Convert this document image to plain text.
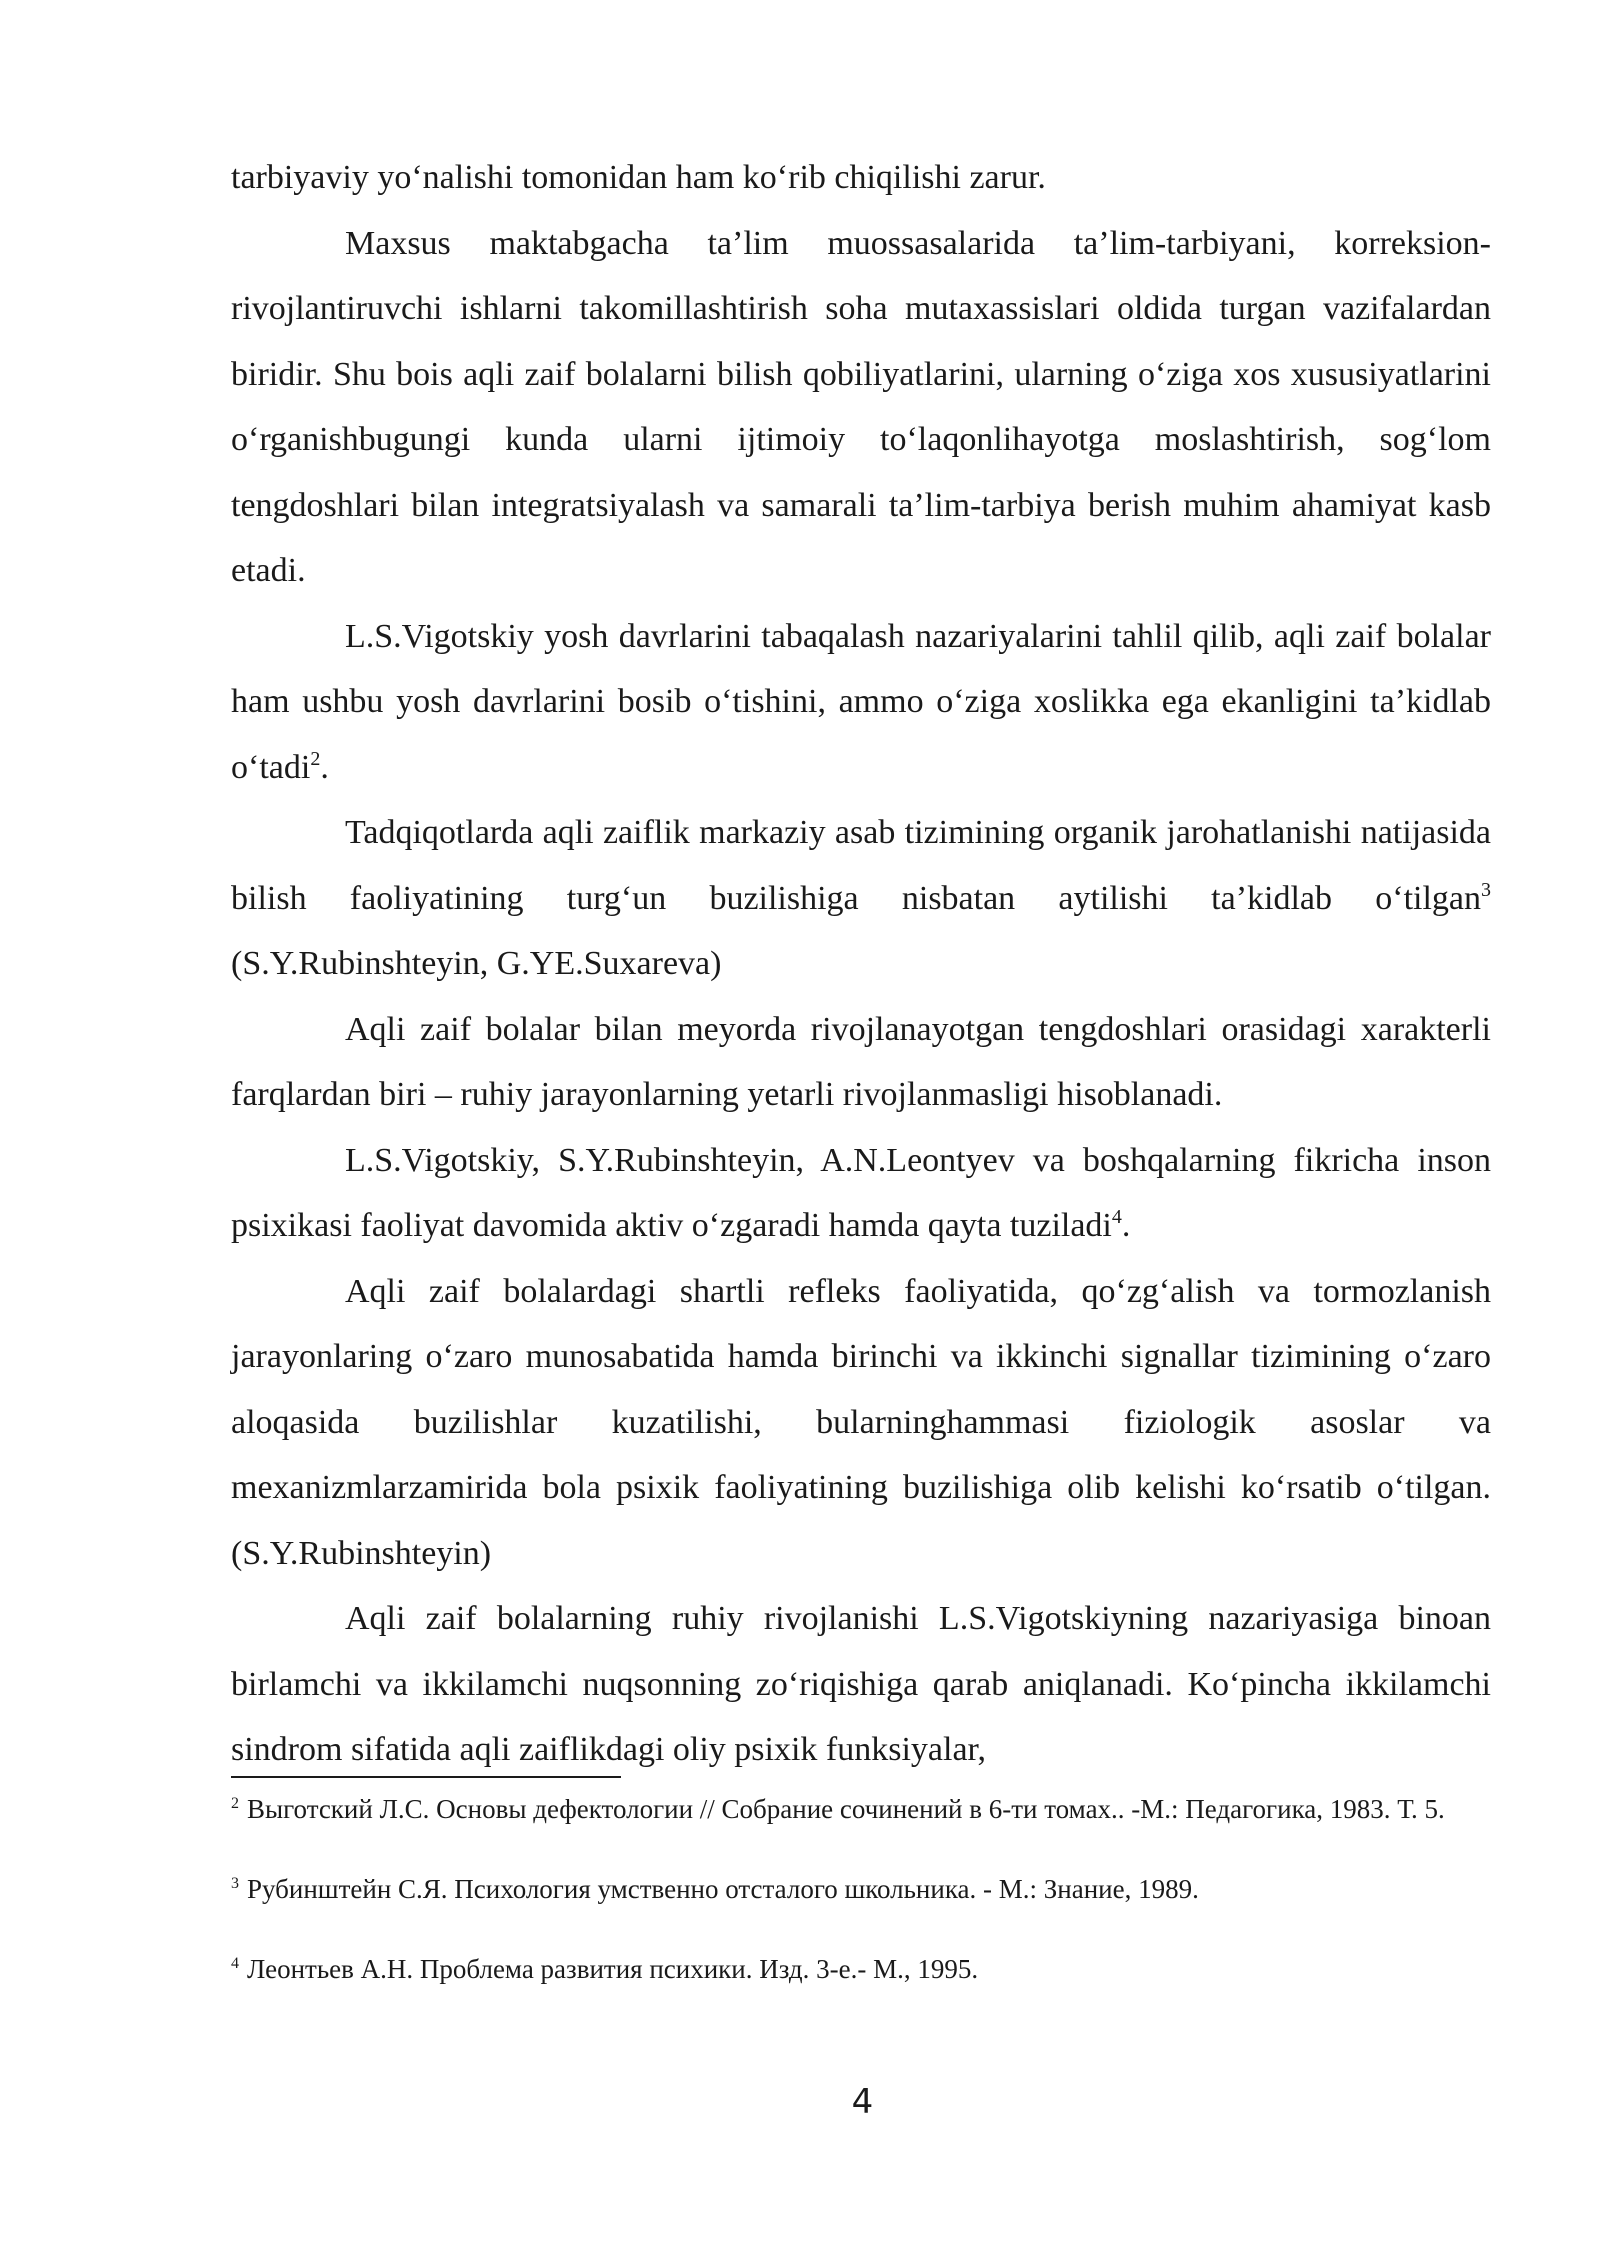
tarbiyaviy yo‘nalishi tomonidan ham ko‘rib chiqilishi zarur.

Maxsus maktabgacha ta’lim muossasalarida ta’lim-tarbiyani, korreksion-rivojlantiruvchi ishlarni takomillashtirish soha mutaxassislari oldida turgan vazifalardan biridir. Shu bois aqli zaif bolalarni bilish qobiliyatlarini, ularning o‘ziga xos xususiyatlarini o‘rganishbugungi kunda ularni ijtimoiy to‘laqonlihayotga moslashtirish, sog‘lom tengdoshlari bilan integratsiyalash va samarali ta’lim-tarbiya berish muhim ahamiyat kasb etadi.

L.S.Vigotskiy yosh davrlarini tabaqalash nazariyalarini tahlil qilib, aqli zaif bolalar ham ushbu yosh davrlarini bosib o‘tishini, ammo o‘ziga xoslikka ega ekanligini ta’kidlab o‘tadi$^2$.

Tadqiqotlarda aqli zaiflik markaziy asab tizimining organik jarohatlanishi natijasida bilish faoliyatining turg‘un buzilishiga nisbatan aytilishi ta’kidlab o‘tilgan$^3$ (S.Y.Rubinshteyin, G.YE.Suxareva)

Aqli zaif bolalar bilan meyorda rivojlanayotgan tengdoshlari orasidagi xarakterli farqlardan biri – ruhiy jarayonlarning yetarli rivojlanmasligi hisoblanadi.

L.S.Vigotskiy, S.Y.Rubinshteyin, A.N.Leontyev va boshqalarning fikricha inson psixikasi faoliyat davomida aktiv o‘zgaradi hamda qayta tuziladi$^4$.

Aqli zaif bolalardagi shartli refleks faoliyatida, qo‘zg‘alish va tormozlanish jarayonlaring o‘zaro munosabatida hamda birinchi va ikkinchi signallar tizimining o‘zaro aloqasida buzilishlar kuzatilishi, bularninghammasi fiziologik asoslar va mexanizmlarzamirida bola psixik faoliyatining buzilishiga olib kelishi ko‘rsatib o‘tilgan. (S.Y.Rubinshteyin)

Aqli zaif bolalarning ruhiy rivojlanishi L.S.Vigotskiyning nazariyasiga binoan birlamchi va ikkilamchi nuqsonning zo‘riqishiga qarab aniqlanadi. Ko‘pincha ikkilamchi sindrom sifatida aqli zaiflikdagi oliy psixik funksiyalar,

$^2$ Выготский Л.С. Основы дефектологии // Собрание сочинений в 6-ти томах.. -М.: Педагогика, 1983. Т. 5.

$^3$ Рубинштейн С.Я. Психология умственно отсталого школьника. - М.: Знание, 1989.

$^4$ Леонтьев А.Н. Проблема развития психики. Изд. 3-е.- М., 1995.

4
